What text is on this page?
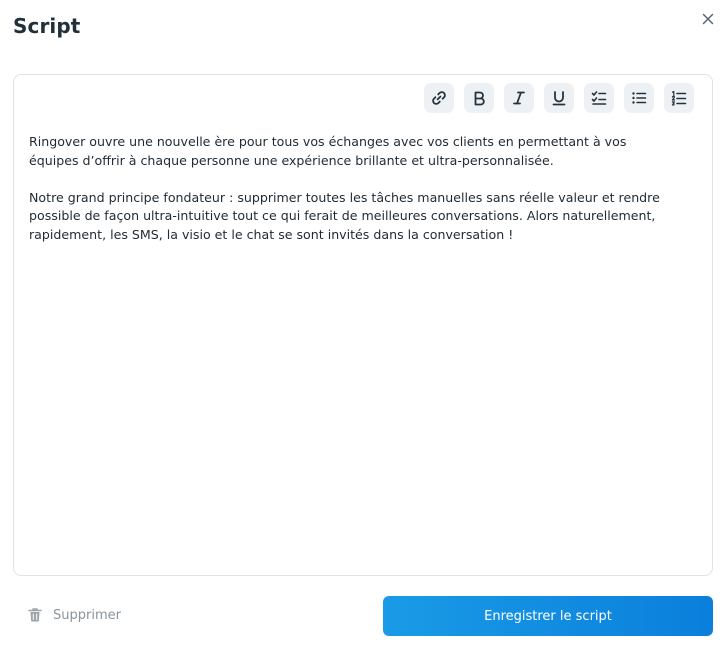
Script

Ringover ouvre une nouvelle ère pour tous vos échanges avec vos clients en permettant à vos équipes d’offrir à chaque personne une expérience brillante et ultra-personnalisée.

Notre grand principe fondateur : supprimer toutes les tâches manuelles sans réelle valeur et rendre possible de façon ultra-intuitive tout ce qui ferait de meilleures conversations. Alors naturellement, rapidement, les SMS, la visio et le chat se sont invités dans la conversation !

Supprimer	Enregistrer le script
